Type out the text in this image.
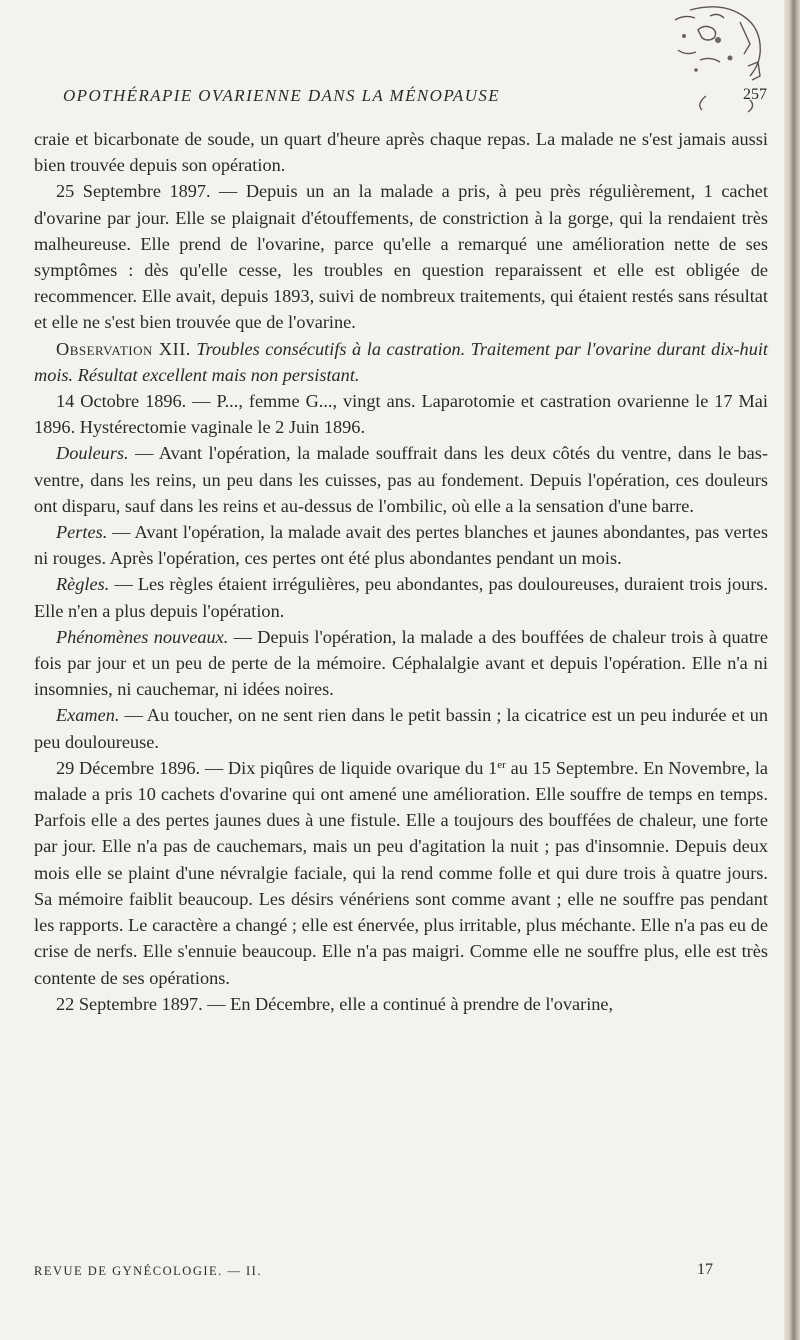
OPOTHÉRAPIE OVARIENNE DANS LA MÉNOPAUSE	257

craie et bicarbonate de soude, un quart d'heure après chaque repas. La malade ne s'est jamais aussi bien trouvée depuis son opération.

25 Septembre 1897. — Depuis un an la malade a pris, à peu près régulièrement, 1 cachet d'ovarine par jour. Elle se plaignait d'étouffements, de constriction à la gorge, qui la rendaient très malheureuse. Elle prend de l'ovarine, parce qu'elle a remarqué une amélioration nette de ses symptômes : dès qu'elle cesse, les troubles en question reparaissent et elle est obligée de recommencer. Elle avait, depuis 1893, suivi de nombreux traitements, qui étaient restés sans résultat et elle ne s'est bien trouvée que de l'ovarine.

Observation XII. Troubles consécutifs à la castration. Traitement par l'ovarine durant dix-huit mois. Résultat excellent mais non persistant.

14 Octobre 1896. — P..., femme G..., vingt ans. Laparotomie et castration ovarienne le 17 Mai 1896. Hystérectomie vaginale le 2 Juin 1896.

Douleurs. — Avant l'opération, la malade souffrait dans les deux côtés du ventre, dans le bas-ventre, dans les reins, un peu dans les cuisses, pas au fondement. Depuis l'opération, ces douleurs ont disparu, sauf dans les reins et au-dessus de l'ombilic, où elle a la sensation d'une barre.

Pertes. — Avant l'opération, la malade avait des pertes blanches et jaunes abondantes, pas vertes ni rouges. Après l'opération, ces pertes ont été plus abondantes pendant un mois.

Règles. — Les règles étaient irrégulières, peu abondantes, pas douloureuses, duraient trois jours. Elle n'en a plus depuis l'opération.

Phénomènes nouveaux. — Depuis l'opération, la malade a des bouffées de chaleur trois à quatre fois par jour et un peu de perte de la mémoire. Céphalalgie avant et depuis l'opération. Elle n'a ni insomnies, ni cauchemar, ni idées noires.

Examen. — Au toucher, on ne sent rien dans le petit bassin ; la cicatrice est un peu indurée et un peu douloureuse.

29 Décembre 1896. — Dix piqûres de liquide ovarique du 1er au 15 Septembre. En Novembre, la malade a pris 10 cachets d'ovarine qui ont amené une amélioration. Elle souffre de temps en temps. Parfois elle a des pertes jaunes dues à une fistule. Elle a toujours des bouffées de chaleur, une forte par jour. Elle n'a pas de cauchemars, mais un peu d'agitation la nuit ; pas d'insomnie. Depuis deux mois elle se plaint d'une névralgie faciale, qui la rend comme folle et qui dure trois à quatre jours. Sa mémoire faiblit beaucoup. Les désirs vénériens sont comme avant ; elle ne souffre pas pendant les rapports. Le caractère a changé ; elle est énervée, plus irritable, plus méchante. Elle n'a pas eu de crise de nerfs. Elle s'ennuie beaucoup. Elle n'a pas maigri. Comme elle ne souffre plus, elle est très contente de ses opérations.

22 Septembre 1897. — En Décembre, elle a continué à prendre de l'ovarine,

REVUE DE GYNÉCOLOGIE. — II.	17
